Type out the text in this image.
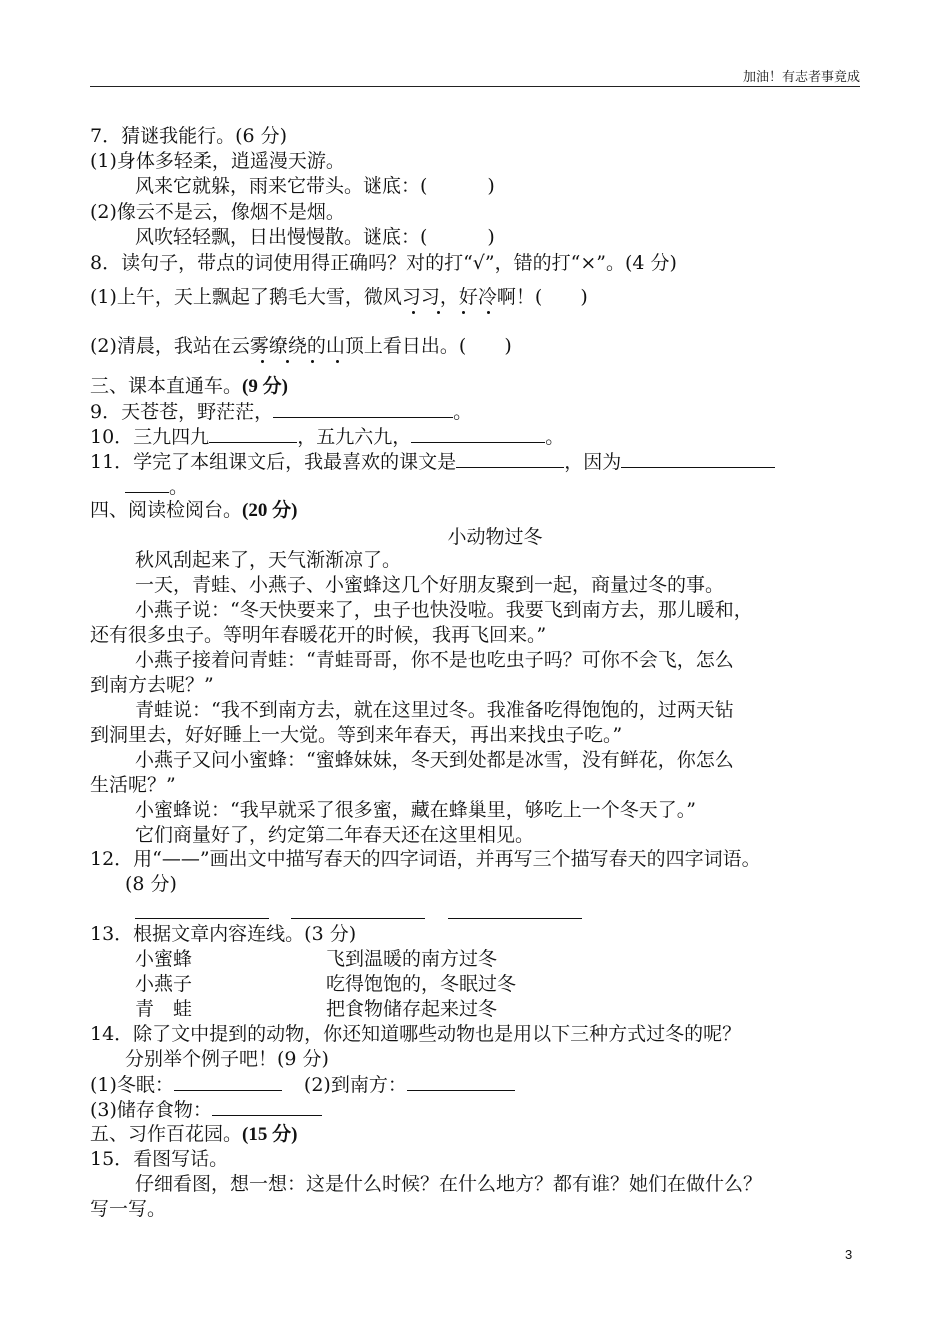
加油！有志者事竟成
7．猜谜我能行。(6 分)
(1)身体多轻柔，逍遥漫天游。
风来它就躲，雨来它带头。谜底：(	)
(2)像云不是云，像烟不是烟。
风吹轻轻飘，日出慢慢散。谜底：(	)
8．读句子，带点的词使用得正确吗？对的打“√”，错的打“×”。(4 分)
(1)上午，天上飘起了鹅毛大雪，微风习习，好冷啊！( )
(2)清晨，我站在云雾缭绕的山顶上看日出。( )
三、课本直通车。(9 分)
9．天苍苍，野茫茫，	。
10．三九四九	，五九六九，	。
11．学完了本组课文后，我最喜欢的课文是	，因为
。
四、阅读检阅台。(20 分)
小动物过冬
秋风刮起来了，天气渐渐凉了。
一天，青蛙、小燕子、小蜜蜂这几个好朋友聚到一起，商量过冬的事。
小燕子说：“冬天快要来了，虫子也快没啦。我要飞到南方去，那儿暖和，
还有很多虫子。等明年春暖花开的时候，我再飞回来。”
小燕子接着问青蛙：“青蛙哥哥，你不是也吃虫子吗？可你不会飞，怎么
到南方去呢？”
青蛙说：“我不到南方去，就在这里过冬。我准备吃得饱饱的，过两天钻
到洞里去，好好睡上一大觉。等到来年春天，再出来找虫子吃。”
小燕子又问小蜜蜂：“蜜蜂妹妹，冬天到处都是冰雪，没有鲜花，你怎么
生活呢？”
小蜜蜂说：“我早就采了很多蜜，藏在蜂巢里，够吃上一个冬天了。”
它们商量好了，约定第二年春天还在这里相见。
12．用“——”画出文中描写春天的四字词语，并再写三个描写春天的四字词语。
(8 分)
13．根据文章内容连线。(3 分)
小蜜蜂	飞到温暖的南方过冬
小燕子	吃得饱饱的，冬眠过冬
青　蛙	把食物储存起来过冬
14．除了文中提到的动物，你还知道哪些动物也是用以下三种方式过冬的呢？
分别举个例子吧！(9 分)
(1)冬眠：	(2)到南方：
(3)储存食物：
五、习作百花园。(15 分)
15．看图写话。
仔细看图，想一想：这是什么时候？在什么地方？都有谁？她们在做什么？
写一写。
3
